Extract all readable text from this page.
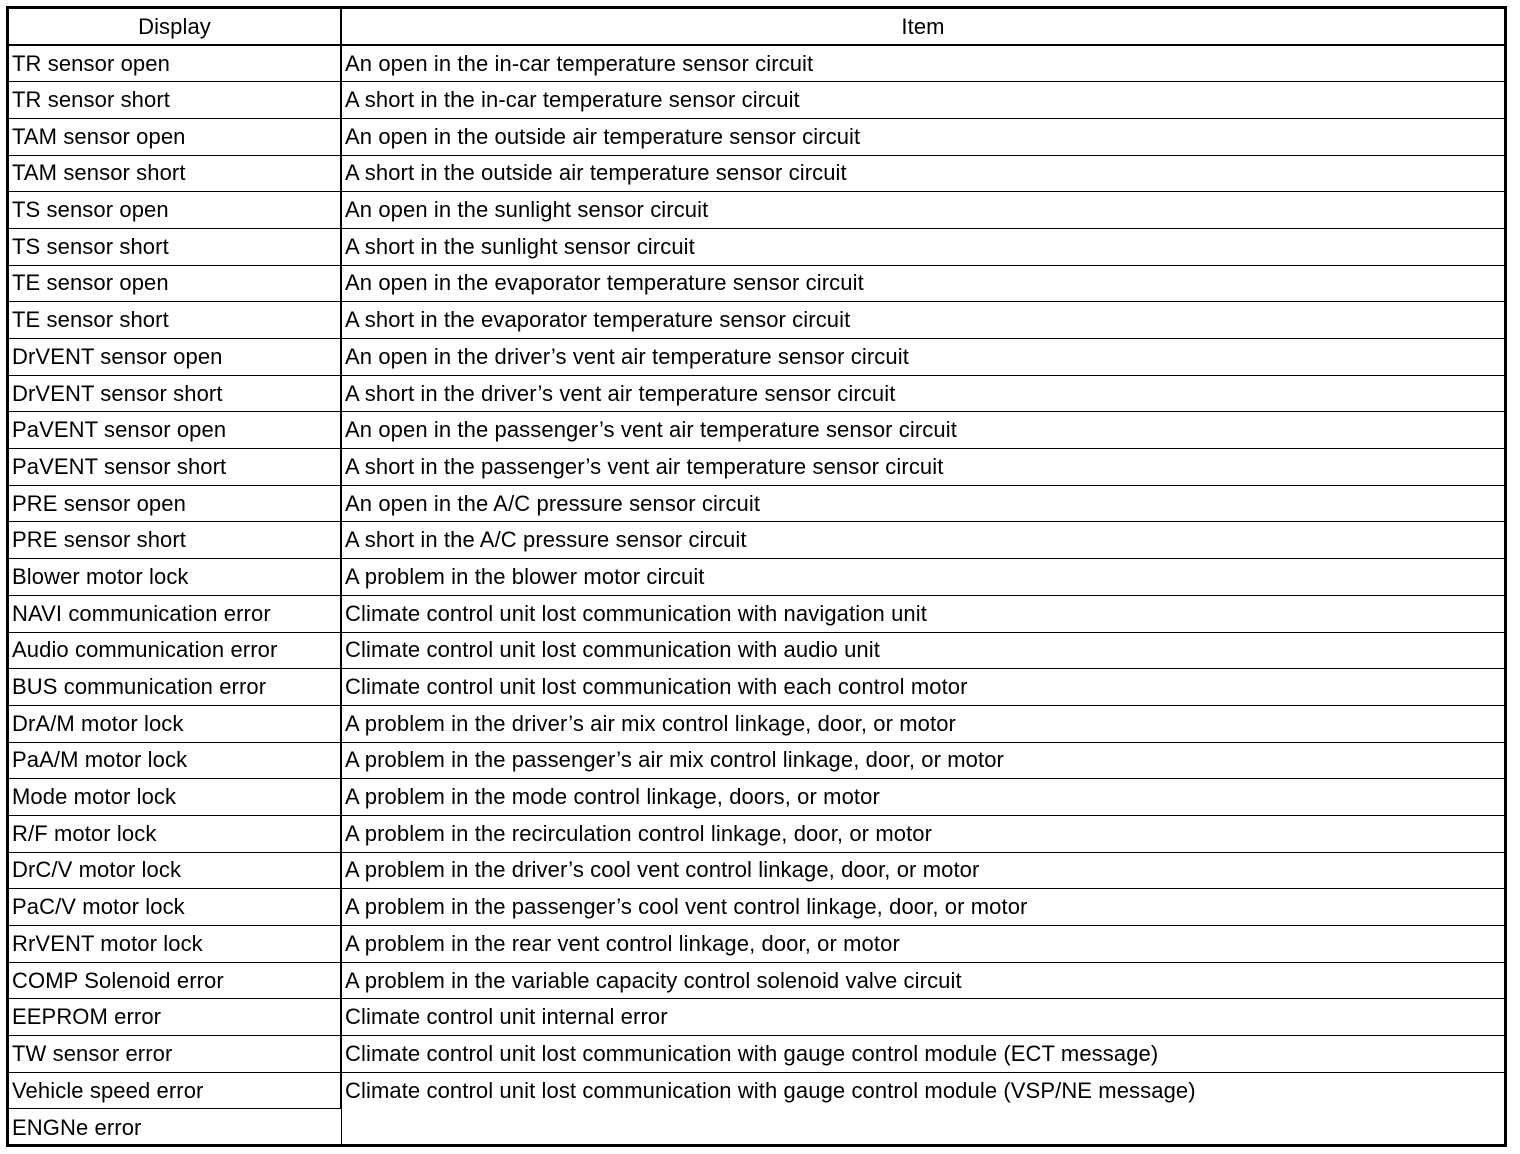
Display	Item
TR sensor open	An open in the in-car temperature sensor circuit
TR sensor short	A short in the in-car temperature sensor circuit
TAM sensor open	An open in the outside air temperature sensor circuit
TAM sensor short	A short in the outside air temperature sensor circuit
TS sensor open	An open in the sunlight sensor circuit
TS sensor short	A short in the sunlight sensor circuit
TE sensor open	An open in the evaporator temperature sensor circuit
TE sensor short	A short in the evaporator temperature sensor circuit
DrVENT sensor open	An open in the driver’s vent air temperature sensor circuit
DrVENT sensor short	A short in the driver’s vent air temperature sensor circuit
PaVENT sensor open	An open in the passenger’s vent air temperature sensor circuit
PaVENT sensor short	A short in the passenger’s vent air temperature sensor circuit
PRE sensor open	An open in the A/C pressure sensor circuit
PRE sensor short	A short in the A/C pressure sensor circuit
Blower motor lock	A problem in the blower motor circuit
NAVI communication error	Climate control unit lost communication with navigation unit
Audio communication error	Climate control unit lost communication with audio unit
BUS communication error	Climate control unit lost communication with each control motor
DrA/M motor lock	A problem in the driver’s air mix control linkage, door, or motor
PaA/M motor lock	A problem in the passenger’s air mix control linkage, door, or motor
Mode motor lock	A problem in the mode control linkage, doors, or motor
R/F motor lock	A problem in the recirculation control linkage, door, or motor
DrC/V motor lock	A problem in the driver’s cool vent control linkage, door, or motor
PaC/V motor lock	A problem in the passenger’s cool vent control linkage, door, or motor
RrVENT motor lock	A problem in the rear vent control linkage, door, or motor
COMP Solenoid error	A problem in the variable capacity control solenoid valve circuit
EEPROM error	Climate control unit internal error
TW sensor error	Climate control unit lost communication with gauge control module (ECT message)
Vehicle speed error	Climate control unit lost communication with gauge control module (VSP/NE message)
ENGNe error	
